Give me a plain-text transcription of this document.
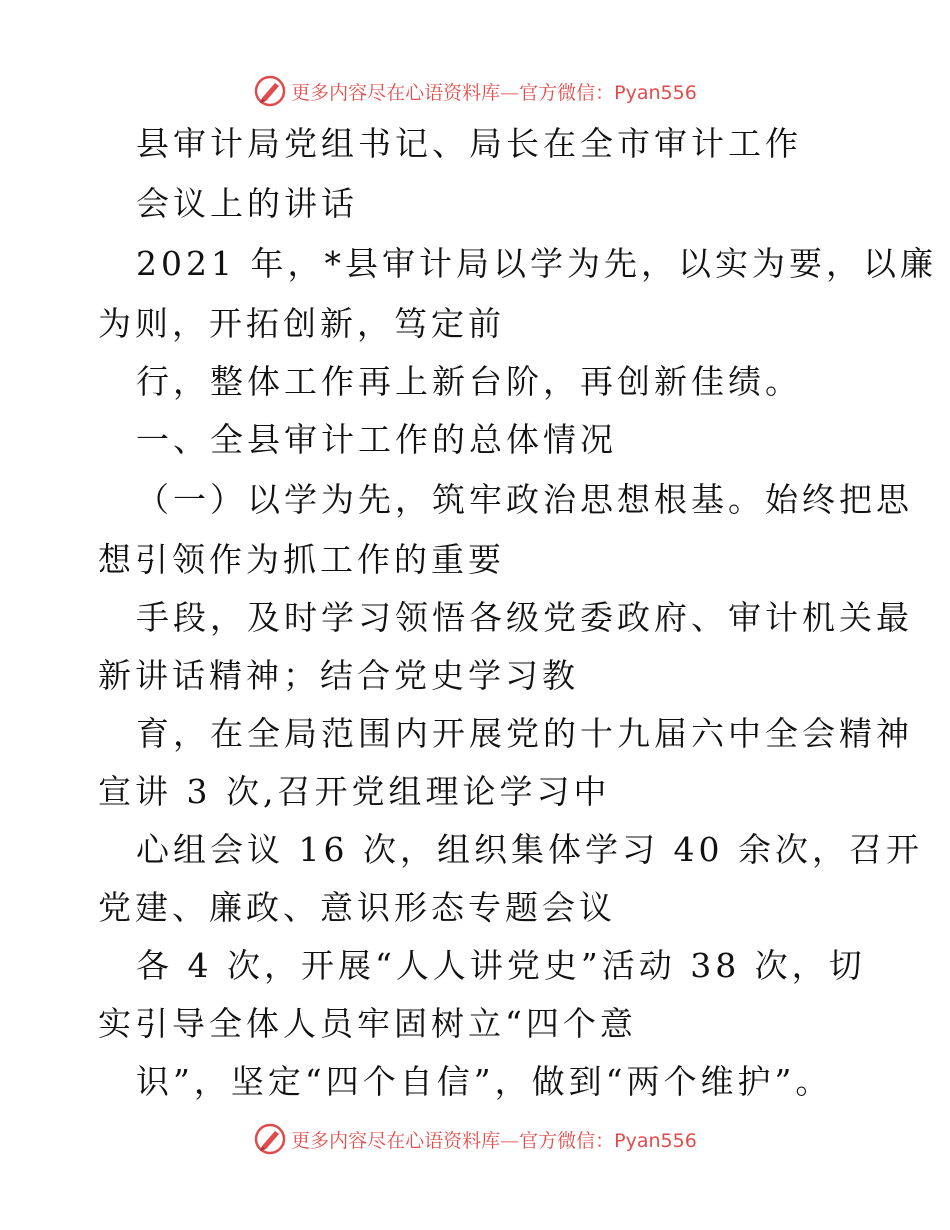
更多内容尽在心语资料库—官方微信：Pyan556
县审计局党组书记、局长在全市审计工作
会议上的讲话
2021 年，*县审计局以学为先，以实为要，以廉
为则，开拓创新，笃定前
行，整体工作再上新台阶，再创新佳绩。
一、全县审计工作的总体情况
（一）以学为先，筑牢政治思想根基。始终把思
想引领作为抓工作的重要
手段，及时学习领悟各级党委政府、审计机关最
新讲话精神；结合党史学习教
育，在全局范围内开展党的十九届六中全会精神
宣讲 3 次,召开党组理论学习中
心组会议 16 次，组织集体学习 40 余次，召开
党建、廉政、意识形态专题会议
各 4 次，开展“人人讲党史”活动 38 次，切
实引导全体人员牢固树立“四个意
识”，坚定“四个自信”，做到“两个维护”。
更多内容尽在心语资料库—官方微信：Pyan556
